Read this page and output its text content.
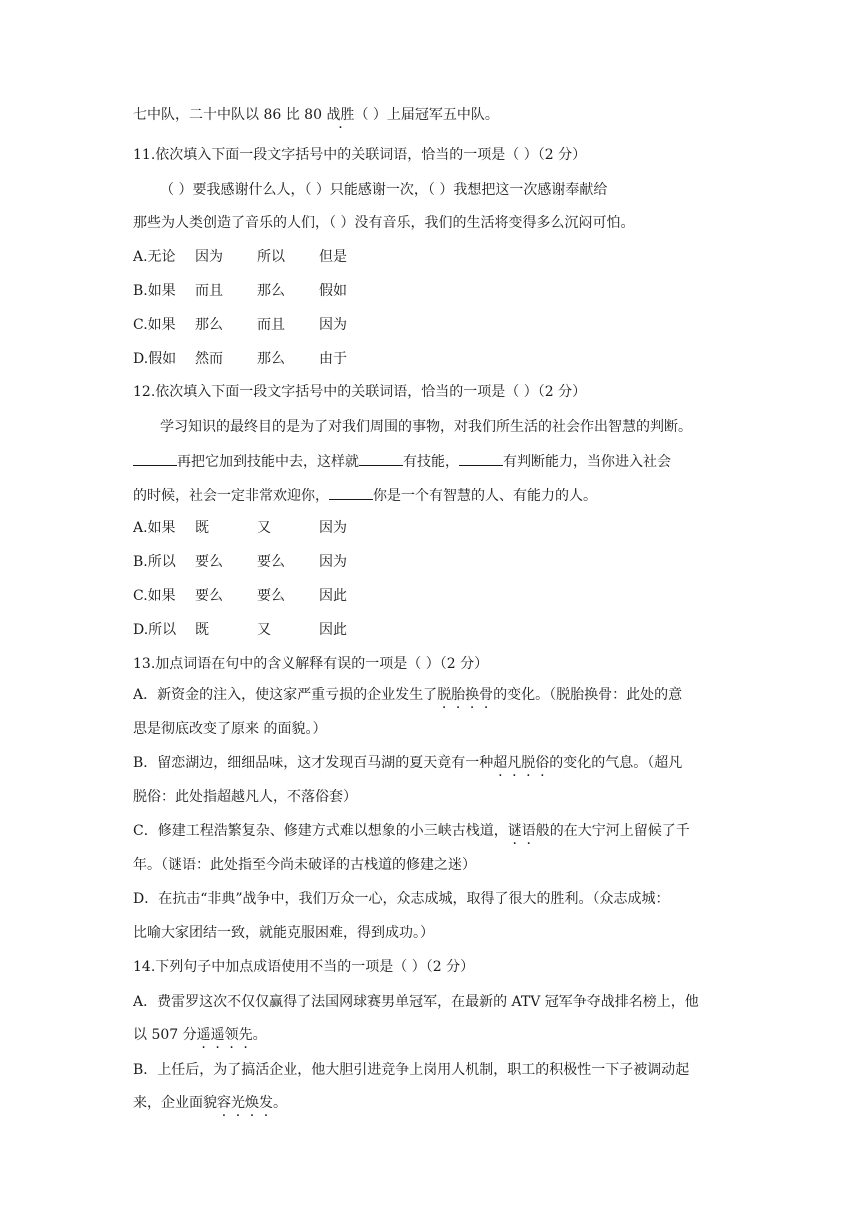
七中队，二十中队以 86 比 80 战胜（ ）上届冠军五中队。
11.依次填入下面一段文字括号中的关联词语，恰当的一项是（ ）（2 分）
（ ）要我感谢什么人，（ ）只能感谢一次，（ ）我想把这一次感谢奉献给
那些为人类创造了音乐的人们，（ ）没有音乐，我们的生活将变得多么沉闷可怕。
A.无论 因为 所以 但是
B.如果 而且 那么 假如
C.如果 那么 而且 因为
D.假如 然而 那么 由于
12.依次填入下面一段文字括号中的关联词语，恰当的一项是（ ）（2 分）
学习知识的最终目的是为了对我们周围的事物，对我们所生活的社会作出智慧的判断。
再把它加到技能中去，这样就	有技能，	有判断能力，当你进入社会
的时候，社会一定非常欢迎你，	你是一个有智慧的人、有能力的人。
A.如果 既	又	因为
B.所以 要么 要么 因为
C.如果 要么 要么 因此
D.所以 既	又	因此
13.加点词语在句中的含义解释有误的一项是（ ）（2 分）
A．新资金的注入，使这家严重亏损的企业发生了脱胎换骨的变化。（脱胎换骨：此处的意
思是彻底改变了原来 的面貌。）
B．留恋湖边，细细品味，这才发现百马湖的夏天竟有一种超凡脱俗的变化的气息。（超凡
脱俗：此处指超越凡人，不落俗套）
C．修建工程浩繁复杂、修建方式难以想象的小三峡古栈道，谜语般的在大宁河上留候了千
年。（谜语：此处指至今尚未破译的古栈道的修建之迷）
D．在抗击“非典”战争中，我们万众一心，众志成城，取得了很大的胜利。（众志成城：
比喻大家团结一致，就能克服困难，得到成功。）
14.下列句子中加点成语使用不当的一项是（ ）（2 分）
A．费雷罗这次不仅仅赢得了法国网球赛男单冠军，在最新的 ATV 冠军争夺战排名榜上，他
以 507 分遥遥领先。
B．上任后，为了搞活企业，他大胆引进竞争上岗用人机制，职工的积极性一下子被调动起
来，企业面貌容光焕发。
